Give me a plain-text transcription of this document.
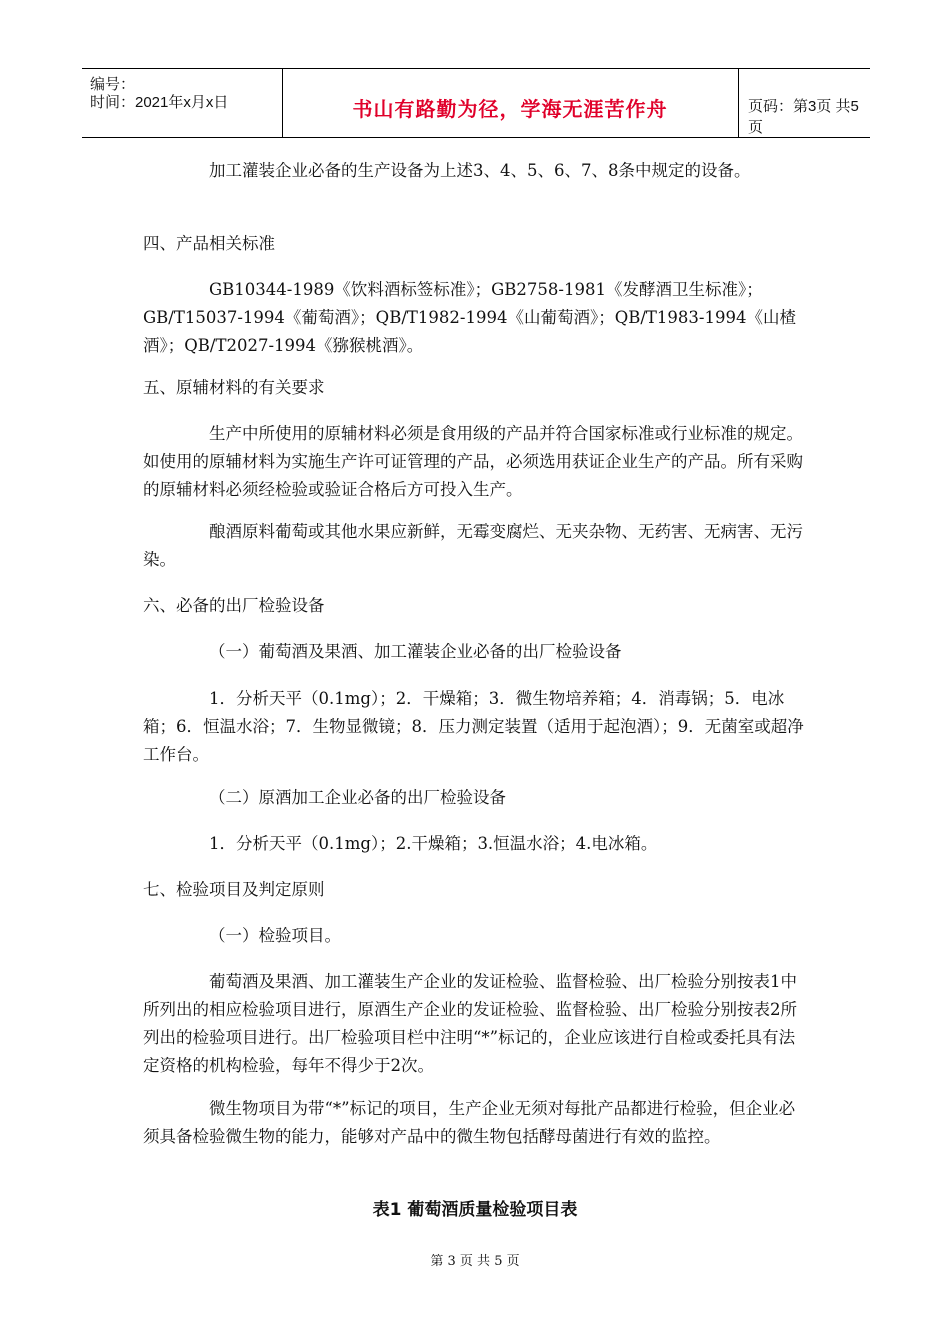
编号：
时间：2021年x月x日	书山有路勤为径，学海无涯苦作舟	页码：第3页 共5页

加工灌装企业必备的生产设备为上述3、4、5、6、7、8条中规定的设备。

四、产品相关标准

GB10344-1989《饮料酒标签标准》；GB2758-1981《发酵酒卫生标准》；GB/T15037-1994《葡萄酒》；QB/T1982-1994《山葡萄酒》；QB/T1983-1994《山楂酒》；QB/T2027-1994《猕猴桃酒》。

五、原辅材料的有关要求

生产中所使用的原辅材料必须是食用级的产品并符合国家标准或行业标准的规定。如使用的原辅材料为实施生产许可证管理的产品，必须选用获证企业生产的产品。所有采购的原辅材料必须经检验或验证合格后方可投入生产。

酿酒原料葡萄或其他水果应新鲜，无霉变腐烂、无夹杂物、无药害、无病害、无污染。

六、必备的出厂检验设备

（一）葡萄酒及果酒、加工灌装企业必备的出厂检验设备

1．分析天平（0.1mg）；2．干燥箱；3．微生物培养箱；4．消毒锅；5．电冰箱；6．恒温水浴；7．生物显微镜；8．压力测定装置（适用于起泡酒）；9．无菌室或超净工作台。

（二）原酒加工企业必备的出厂检验设备

1．分析天平（0.1mg）；2.干燥箱；3.恒温水浴；4.电冰箱。

七、检验项目及判定原则

（一）检验项目。

葡萄酒及果酒、加工灌装生产企业的发证检验、监督检验、出厂检验分别按表1中所列出的相应检验项目进行，原酒生产企业的发证检验、监督检验、出厂检验分别按表2所列出的检验项目进行。出厂检验项目栏中注明“*”标记的，企业应该进行自检或委托具有法定资格的机构检验，每年不得少于2次。

微生物项目为带“*”标记的项目，生产企业无须对每批产品都进行检验，但企业必须具备检验微生物的能力，能够对产品中的微生物包括酵母菌进行有效的监控。

表1 葡萄酒质量检验项目表
第 3 页 共 5 页
